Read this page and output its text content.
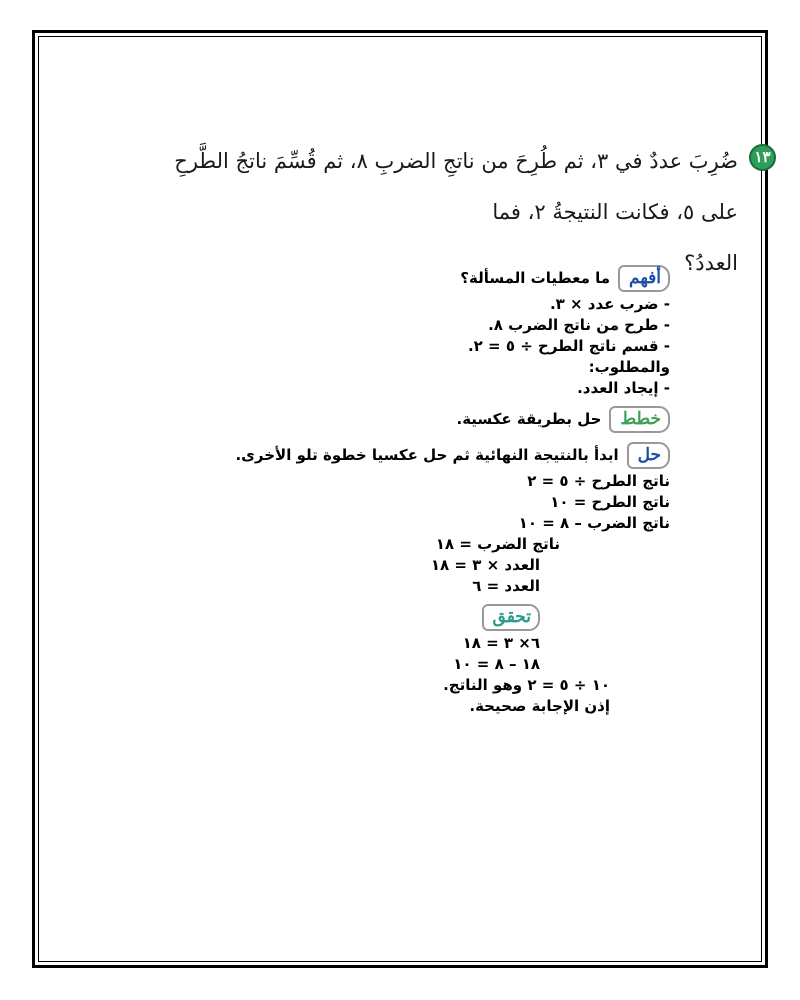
١٣
ضُرِبَ عددٌ في ٣، ثم طُرِحَ من ناتجِ الضربِ ٨، ثم قُسِّمَ ناتجُ الطَّرحِ على ٥، فكانت النتيجةُ ٢، فما
العددُ؟
أفهم
ما معطيات المسألة؟
- ضرب عدد × ٣.
- طرح من ناتج الضرب ٨.
- قسم ناتج الطرح ÷ ٥ = ٢.
والمطلوب:
- إيجاد العدد.
خطط
حل بطريقة عكسية.
حل
ابدأ بالنتيجة النهائية ثم حل عكسيا خطوة تلو الأخرى.
ناتج الطرح ÷ ٥ = ٢
ناتج الطرح = ١٠
ناتج الضرب – ٨ = ١٠
ناتج الضرب = ١٨
العدد × ٣ = ١٨
العدد = ٦
تحقق
٦× ٣ = ١٨
١٨ – ٨ = ١٠
١٠ ÷ ٥ = ٢ وهو الناتج.
إذن الإجابة صحيحة.
